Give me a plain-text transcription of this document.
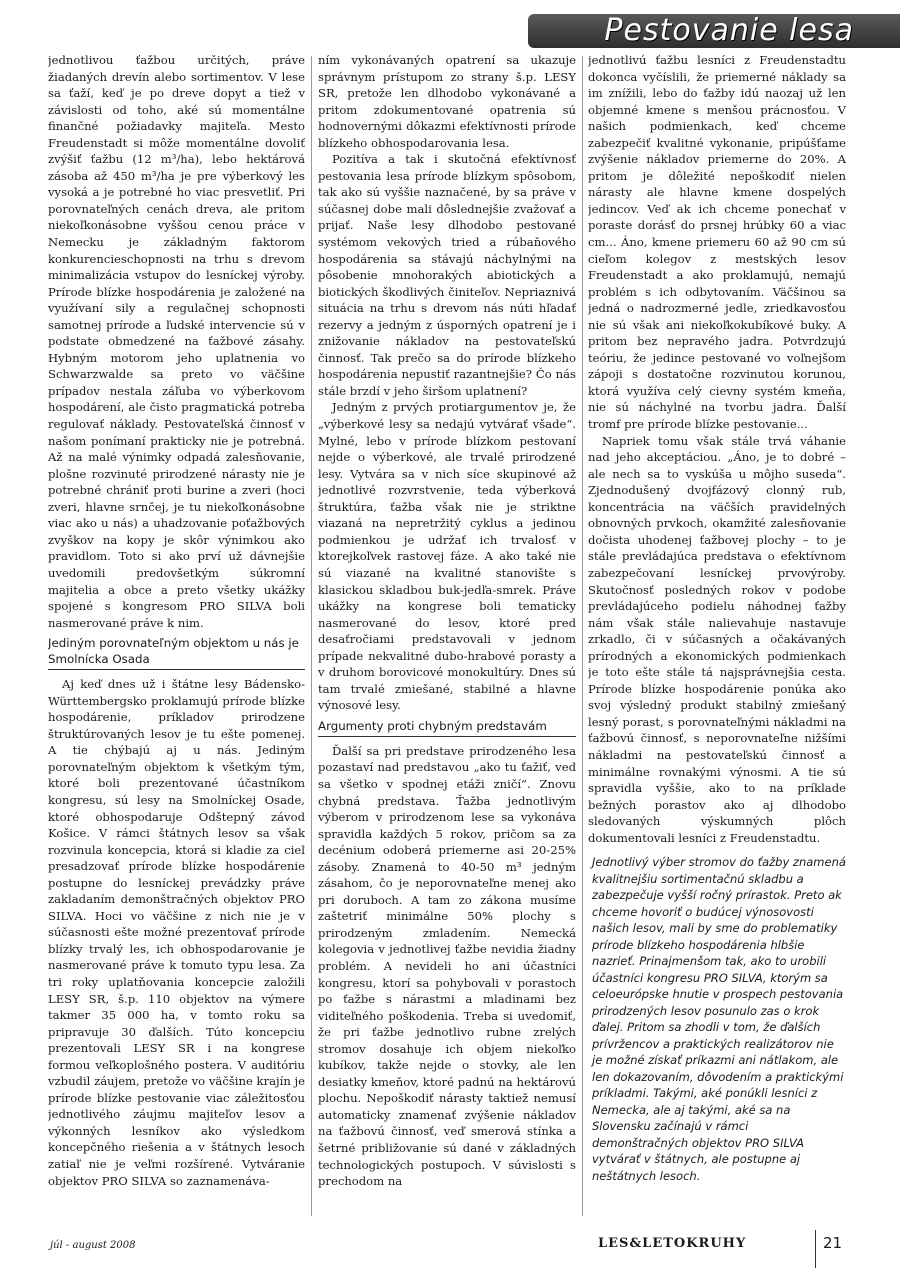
Pestovanie lesa

jednotlivou ťažbou určitých, práve žiadaných drevín alebo sortimentov. V lese sa ťaží, keď je po dreve dopyt a tiež v závislosti od toho, aké sú momentálne finančné požiadavky majiteľa. Mesto Freudenstadt si môže momentálne dovoliť zvýšiť ťažbu (12 m³/ha), lebo hektárová zásoba až 450 m³/ha je pre výberkový les vysoká a je potrebné ho viac presvetliť. Pri porovnateľných cenách dreva, ale pritom niekoľkonásobne vyššou cenou práce v Nemecku je základným faktorom konkurencieschopnosti na trhu s drevom minimalizácia vstupov do lesníckej výroby. Prírode blízke hospodárenia je založené na využívaní sily a regulačnej schopnosti samotnej prírode a ľudské intervencie sú v podstate obmedzené na ťažbové zásahy. Hybným motorom jeho uplatnenia vo Schwarzwalde sa preto vo väčšine prípadov nestala záľuba vo výberkovom hospodárení, ale čisto pragmatická potreba regulovať náklady. Pestovateľská činnosť v našom ponímaní prakticky nie je potrebná. Až na malé výnimky odpadá zalesňovanie, plošne rozvinuté prirodzené nárasty nie je potrebné chrániť proti burine a zveri (hoci zveri, hlavne srnčej, je tu niekoľkonásobne viac ako u nás) a uhadzovanie poťažbových zvyškov na kopy je skôr výnimkou ako pravidlom. Toto si ako prví už dávnejšie uvedomili predovšetkým súkromní majitelia a obce a preto všetky ukážky spojené s kongresom PRO SILVA boli nasmerované práve k nim.

Jediným porovnateľným objektom u nás je Smolnícka Osada

Aj keď dnes už i štátne lesy Bádensko-Württembergsko proklamujú prírode blízke hospodárenie, príkladov prirodzene štruktúrovaných lesov je tu ešte pomenej. A tie chýbajú aj u nás. Jediným porovnateľným objektom k všetkým tým, ktoré boli prezentované účastníkom kongresu, sú lesy na Smolníckej Osade, ktoré obhospodaruje Odštepný závod Košice. V rámci štátnych lesov sa však rozvinula koncepcia, ktorá si kladie za cieľ presadzovať prírode blízke hospodárenie postupne do lesníckej prevádzky práve zakladaním demonštračných objektov PRO SILVA. Hoci vo väčšine z nich nie je v súčasnosti ešte možné prezentovať prírode blízky trvalý les, ich obhospodarovanie je nasmerované práve k tomuto typu lesa. Za tri roky uplatňovania koncepcie založili LESY SR, š.p. 110 objektov na výmere takmer 35 000 ha, v tomto roku sa pripravuje 30 ďalších. Túto koncepciu prezentovali LESY SR i na kongrese formou veľkoplošného postera. V auditóriu vzbudil záujem, pretože vo väčšine krajín je prírode blízke pestovanie viac záležitosťou jednotlivého záujmu majiteľov lesov a výkonných lesníkov ako výsledkom koncepčného riešenia a v štátnych lesoch zatiaľ nie je veľmi rozšírené. Vytváranie objektov PRO SILVA so zaznamenáva-

ním vykonávaných opatrení sa ukazuje správnym prístupom zo strany š.p. LESY SR, pretože len dlhodobo vykonávané a pritom zdokumentované opatrenia sú hodnovernými dôkazmi efektívnosti prírode blízkeho obhospodarovania lesa.

Pozitíva a tak i skutočná efektívnosť pestovania lesa prírode blízkym spôsobom, tak ako sú vyššie naznačené, by sa práve v súčasnej dobe mali dôslednejšie zvažovať a prijať. Naše lesy dlhodobo pestované systémom vekových tried a rúbaňového hospodárenia sa stávajú náchylnými na pôsobenie mnohorakých abiotických a biotických škodlivých činiteľov. Nepriaznivá situácia na trhu s drevom nás núti hľadať rezervy a jedným z úsporných opatrení je i znižovanie nákladov na pestovateľskú činnosť. Tak prečo sa do prírode blízkeho hospodárenia nepustiť razantnejšie? Čo nás stále brzdí v jeho širšom uplatnení?

Jedným z prvých protiargumentov je, že „výberkové lesy sa nedajú vytvárať všade“. Mylné, lebo v prírode blízkom pestovaní nejde o výberkové, ale trvalé prirodzené lesy. Vytvára sa v nich síce skupinové až jednotlivé rozvrstvenie, teda výberková štruktúra, ťažba však nie je striktne viazaná na nepretržitý cyklus a jedinou podmienkou je udržať ich trvalosť v ktorejkoľvek rastovej fáze. A ako také nie sú viazané na kvalitné stanovište s klasickou skladbou buk-jedľa-smrek. Práve ukážky na kongrese boli tematicky nasmerované do lesov, ktoré pred desaťročiami predstavovali v jednom prípade nekvalitné dubo-hrabové porasty a v druhom borovicové monokultúry. Dnes sú tam trvalé zmiešané, stabilné a hlavne výnosové lesy.

Argumenty proti chybným predstavám

Ďalší sa pri predstave prirodzeného lesa pozastaví nad predstavou „ako tu ťažiť, veď sa všetko v spodnej etáži zničí“. Znovu chybná predstava. Ťažba jednotlivým výberom v prirodzenom lese sa vykonáva spravidla každých 5 rokov, pričom sa za decénium odoberá priemerne asi 20-25% zásoby. Znamená to 40-50 m³ jedným zásahom, čo je neporovnateľne menej ako pri doruboch. A tam zo zákona musíme zaštetriť minimálne 50% plochy s prirodzeným zmladením. Nemecká kolegovia v jednotlivej ťažbe nevidia žiadny problém. A nevideli ho ani účastníci kongresu, ktorí sa pohybovali v porastoch po ťažbe s nárastmi a mladinami bez viditeľného poškodenia. Treba si uvedomiť, že pri ťažbe jednotlivo rubne zrelých stromov dosahuje ich objem niekoľko kubíkov, takže nejde o stovky, ale len desiatky kmeňov, ktoré padnú na hektárovú plochu. Nepoškodiť nárasty taktiež nemusí automaticky znamenať zvýšenie nákladov na ťažbovú činnosť, veď smerová stínka a šetrné približovanie sú dané v základných technologických postupoch. V súvislosti s prechodom na

jednotlivú ťažbu lesníci z Freudenstadtu dokonca vyčíslili, že priemerné náklady sa im znížili, lebo do ťažby idú naozaj už len objemné kmene s menšou prácnosťou. V našich podmienkach, keď chceme zabezpečiť kvalitné vykonanie, pripúšťame zvýšenie nákladov priemerne do 20%. A pritom je dôležité nepoškodiť nielen nárasty ale hlavne kmene dospelých jedincov. Veď ak ich chceme ponechať v poraste dorásť do prsnej hrúbky 60 a viac cm... Áno, kmene priemeru 60 až 90 cm sú cieľom kolegov z mestských lesov Freudenstadt a ako proklamujú, nemajú problém s ich odbytovaním. Väčšinou sa jedná o nadrozmerné jedle, zriedkavosťou nie sú však ani niekoľkokubíkové buky. A pritom bez nepravého jadra. Potvrdzujú teóriu, že jedince pestované vo voľnejšom zápoji s dostatočne rozvinutou korunou, ktorá využíva celý cievny systém kmeňa, nie sú náchylné na tvorbu jadra. Ďalší tromf pre prírode blízke pestovanie...

Napriek tomu však stále trvá váhanie nad jeho akceptáciou. „Áno, je to dobré – ale nech sa to vyskúša u môjho suseda“. Zjednodušený dvojfázový clonný rub, koncentrácia na väčších pravidelných obnovných prvkoch, okamžité zalesňovanie dočista uhodenej ťažbovej plochy – to je stále prevládajúca predstava o efektívnom zabezpečovaní lesníckej prvovýroby. Skutočnosť posledných rokov v podobe prevládajúceho podielu náhodnej ťažby nám však stále nalievahuje nastavuje zrkadlo, či v súčasných a očakávaných prírodných a ekonomických podmienkach je toto ešte stále tá najsprávnejšia cesta. Prírode blízke hospodárenie ponúka ako svoj výsledný produkt stabilný zmiešaný lesný porast, s porovnateľnými nákladmi na ťažbovú činnosť, s neporovnateľne nižšími nákladmi na pestovateľskú činnosť a minimálne rovnakými výnosmi. A tie sú spravidla vyššie, ako to na príklade bežných porastov ako aj dlhodobo sledovaných výskumných plôch dokumentovali lesníci z Freudenstadtu.

Jednotlivý výber stromov do ťažby znamená kvalitnejšiu sortimentačnú skladbu a zabezpečuje vyšší ročný prírastok. Preto ak chceme hovoriť o budúcej výnosovosti našich lesov, mali by sme do problematiky prírode blízkeho hospodárenia hlbšie nazrieť. Prinajmenšom tak, ako to urobili účastníci kongresu PRO SILVA, ktorým sa celoeurópske hnutie v prospech pestovania prirodzených lesov posunulo zas o krok ďalej. Pritom sa zhodli v tom, že ďalších prívržencov a praktických realizátorov nie je možné získať príkazmi ani nátlakom, ale len dokazovaním, dôvodením a praktickými príkladmi. Takými, aké ponúkli lesníci z Nemecka, ale aj takými, aké sa na Slovensku začínajú v rámci demonštračných objektov PRO SILVA vytvárať v štátnych, ale postupne aj neštátnych lesoch.
júl - august 2008	LES&LETOKRUHY	21
